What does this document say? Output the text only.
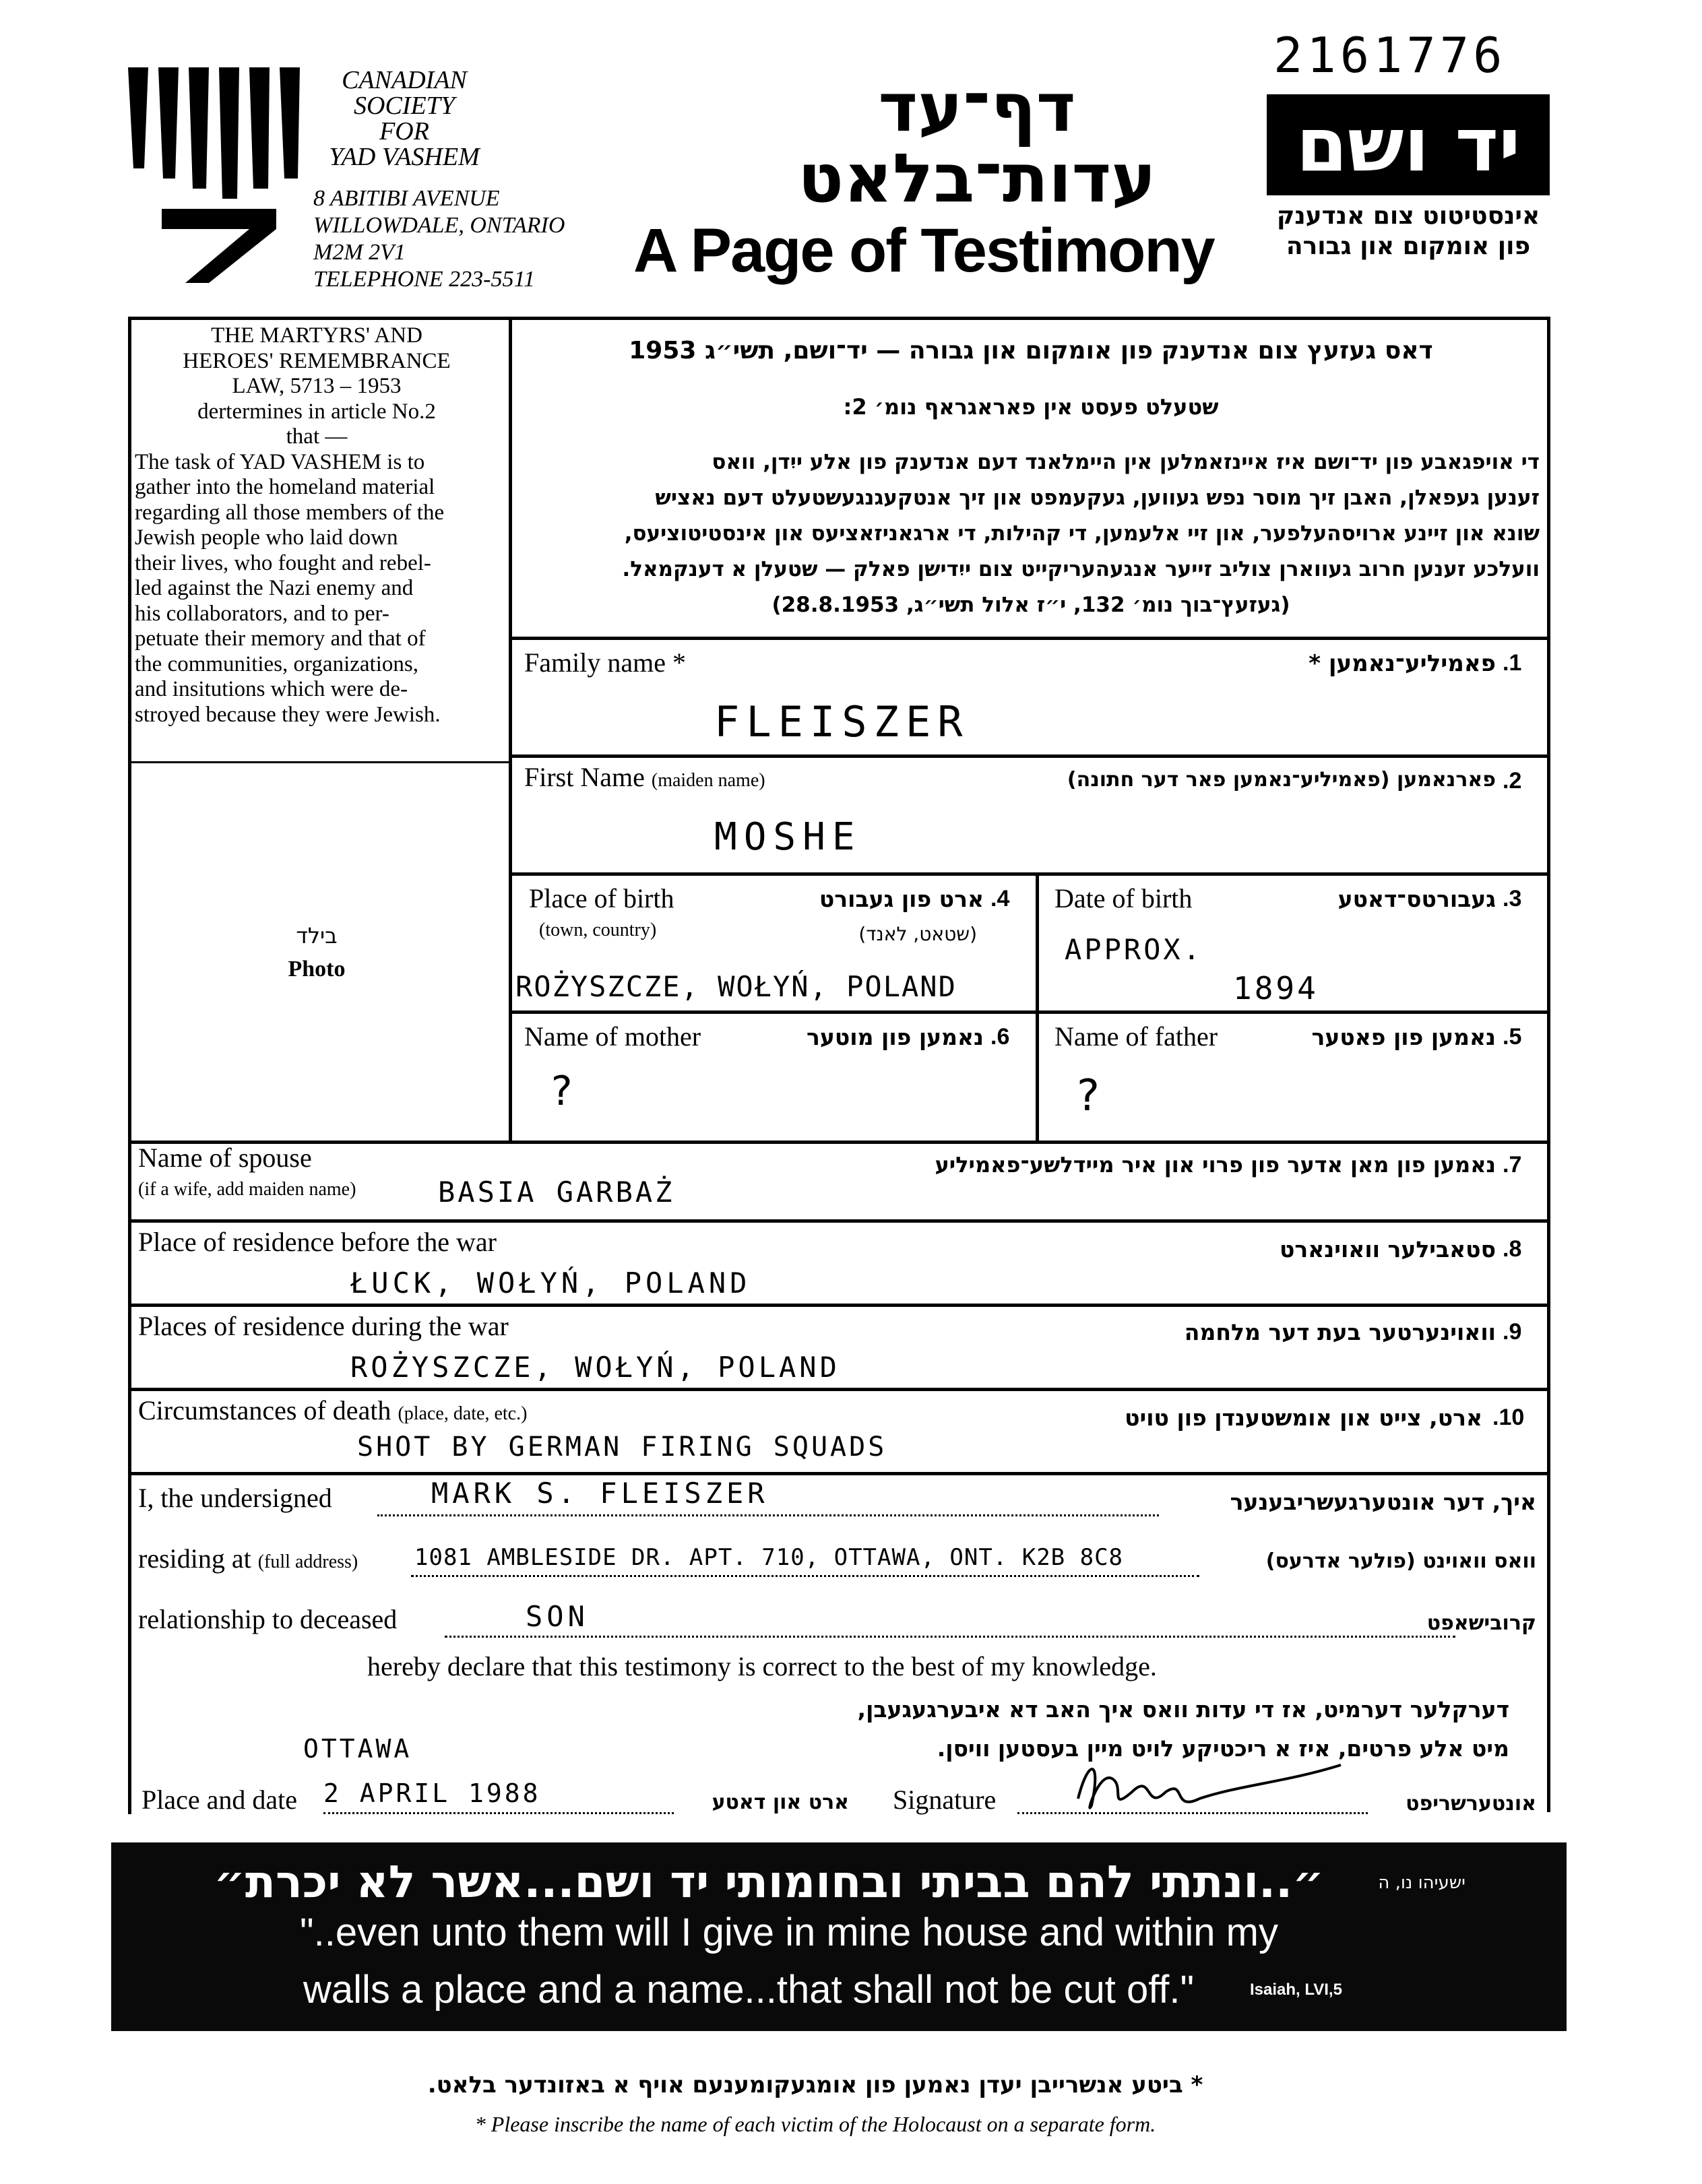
2161776
CANADIAN
SOCIETY
FOR
YAD VASHEM
8 ABITIBI AVENUE
WILLOWDALE, ONTARIO
M2M 2V1
TELEPHONE 223-5511
דף־עד
עדות־בלאט
A Page of Testimony
יד ושם
אינסטיטוט צום אנדענק
פון אומקום און גבורה
THE MARTYRS' AND
HEROES' REMEMBRANCE
LAW, 5713 – 1953
dertermines in article No.2
that —
The task of YAD VASHEM is to
gather into the homeland material
regarding all those members of the
Jewish people who laid down
their lives, who fought and rebel-
led against the Nazi enemy and
his collaborators, and to per-
petuate their memory and that of
the communities, organizations,
and insitutions which were de-
stroyed because they were Jewish.
בילד
Photo
דאס געזעץ צום אנדענק פון אומקום און גבורה — יד־ושם, תשי״ג 1953
שטעלט פעסט אין פאראגראף נומ׳ 2:
די אויפגאבע פון יד־ושם איז איינזאמלען אין היימלאנד דעם אנדענק פון אלע ייִדן, וואס
זענען געפאלן, האבן זיך מוסר נפש געווען, געקעמפט און זיך אנטקעגנגעשטעלט דעם נאציש
שונא און זיינע ארויסהעלפער, און זיי אלעמען, די קהילות, די ארגאניזאציעס און אינסטיטוציעס,
וועלכע זענען חרוב געווארן צוליב זייער אנגעהעריקייט צום ייִדישן פאלק — שטעלן א דענקמאל.
(געזעץ־בוך נומ׳ 132, י״ז אלול תשי״ג, 28.8.1953)
Family name *	פאמיליע־נאמען * .1
FLEISZER
First Name (maiden name)	פארנאמען (פאמיליע־נאמען פאר דער חתונה) .2
MOSHE
Place of birth
(town, country)
ארט פון געבורט
(שטאט, לאנד)
.4
ROŻYSZCZE, WOŁYŃ, POLAND
Date of birth	געבורטס־דאטע .3
APPROX.
1894
Name of mother	נאמען פון מוטער .6
?
Name of father	נאמען פון פאטער .5
?
Name of spouse
(if a wife, add maiden name)
נאמען פון מאן אדער פון פרוי און איר מיידלשע־פאמיליע .7
BASIA GARBAŻ
Place of residence before the war	סטאבילער וואוינארט .8
ŁUCK, WOŁYŃ, POLAND
Places of residence during the war	וואוינערטער בעת דער מלחמה .9
ROŻYSZCZE, WOŁYŃ, POLAND
Circumstances of death (place, date, etc.)	ארט, צייט און אומשטענדן פון טויט .10
SHOT BY GERMAN FIRING SQUADS
I, the undersigned	MARK S. FLEISZER	איך, דער אונטערגעשריבענער
residing at (full address) 1081 AMBLESIDE DR. APT. 710, OTTAWA, ONT. K2B 8C8	וואס וואוינט (פולער אדרעס)
relationship to deceased	SON	קרובישאפט
hereby declare that this testimony is correct to the best of my knowledge.
דערקלער דערמיט, אז די עדות וואס איך האב דא איבערגעגעבן,
מיט אלע פרטים, איז א ריכטיקע לויט מיין בעסטען וויסן.
OTTAWA
Place and date 2 APRIL 1988	ארט און דאטע Signature	אונטערשריפט
״..ונתתי להם בביתי ובחומותי יד ושם...אשר לא יכרת״	ישעיהו נו, ה
"..even unto them will I give in mine house and within my
walls a place and a name...that shall not be cut off."	Isaiah, LVI,5
* ביטע אנשרייבן יעדן נאמען פון אומגעקומענעם אויף א באזונדער בלאט.
* Please inscribe the name of each victim of the Holocaust on a separate form.
